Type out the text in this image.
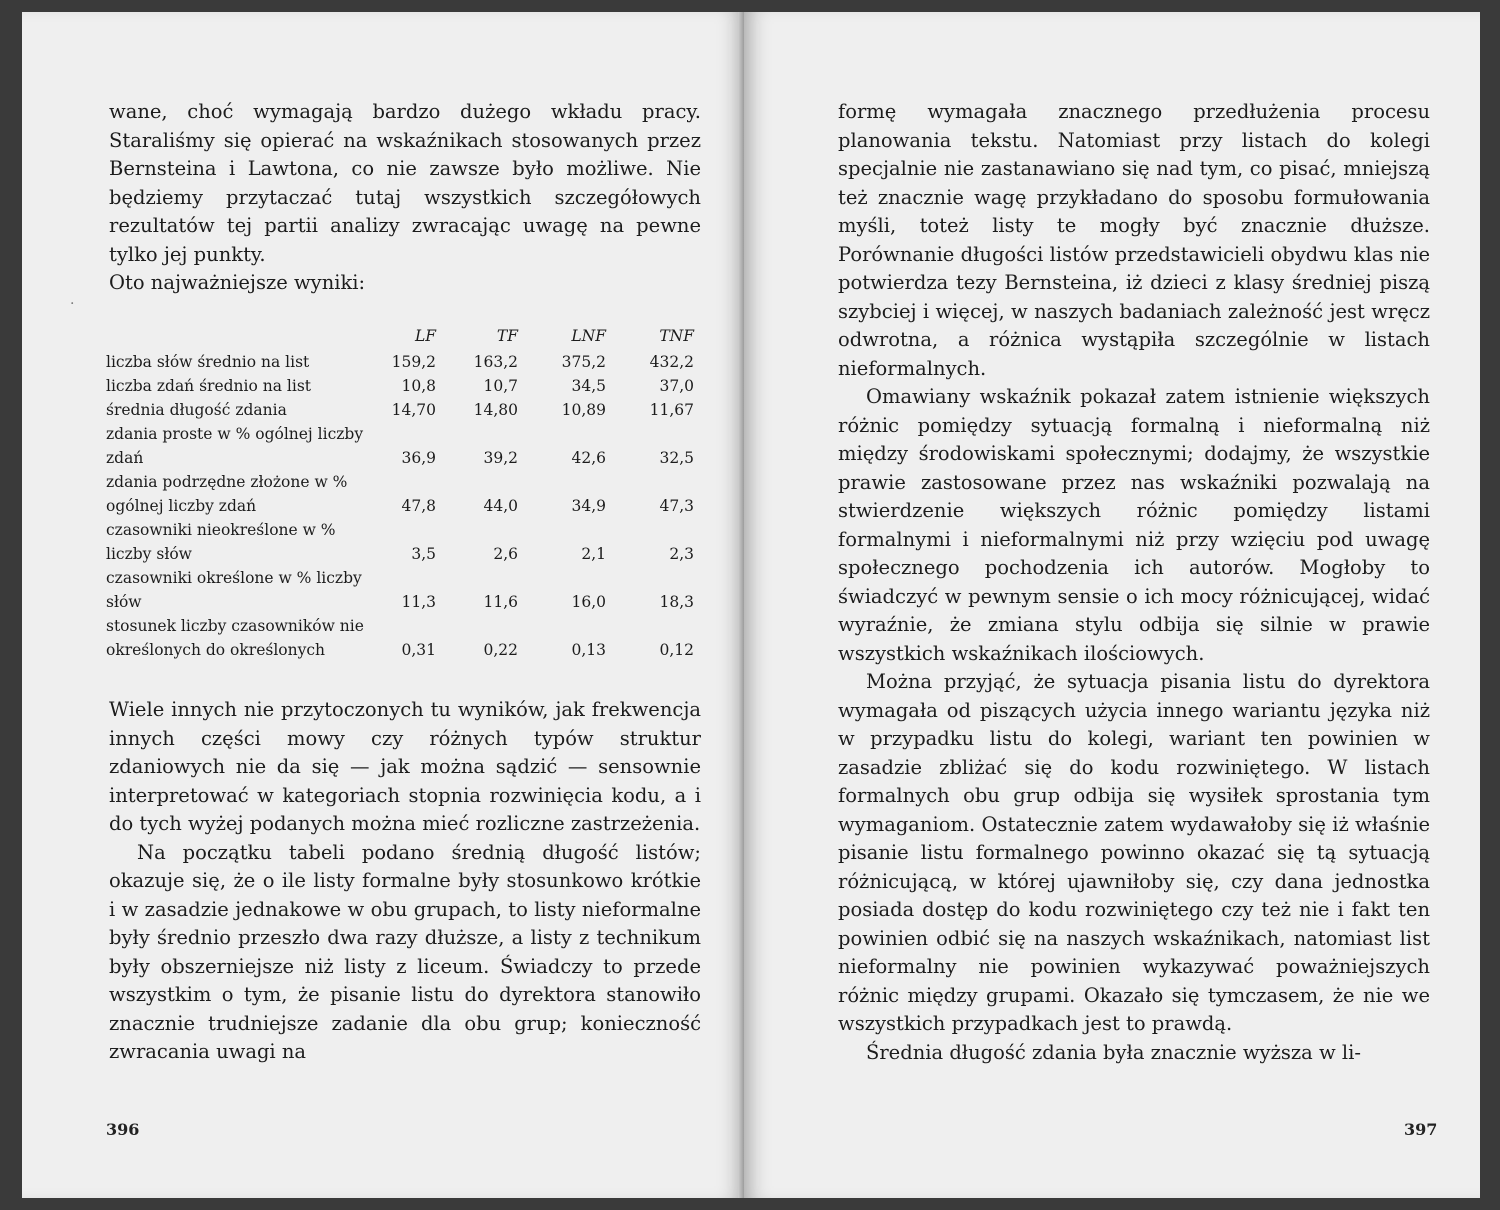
wane, choć wymagają bardzo dużego wkładu pracy. Staraliśmy się opierać na wskaźnikach stosowanych przez Bernsteina i Lawtona, co nie zawsze było możliwe. Nie będziemy przytaczać tutaj wszystkich szczegółowych rezultatów tej partii analizy zwracając uwagę na pewne tylko jej punkty.

Oto najważniejsze wyniki:

LF	TF	LNF	TNF
liczba słów średnio na list	159,2	163,2	375,2	432,2
liczba zdań średnio na list	10,8	10,7	34,5	37,0
średnia długość zdania	14,70	14,80	10,89	11,67
zdania proste w % ogólnej liczby zdań	36,9	39,2	42,6	32,5
zdania podrzędne złożone w % ogólnej liczby zdań	47,8	44,0	34,9	47,3
czasowniki nieokreślone w % liczby słów	3,5	2,6	2,1	2,3
czasowniki określone w % liczby słów	11,3	11,6	16,0	18,3
stosunek liczby czasowników nie określonych do określonych	0,31	0,22	0,13	0,12

Wiele innych nie przytoczonych tu wyników, jak frekwencja innych części mowy czy różnych typów struktur zdaniowych nie da się — jak można sądzić — sensownie interpretować w kategoriach stopnia rozwinięcia kodu, a i do tych wyżej podanych można mieć rozliczne zastrzeżenia.

Na początku tabeli podano średnią długość listów; okazuje się, że o ile listy formalne były stosunkowo krótkie i w zasadzie jednakowe w obu grupach, to listy nieformalne były średnio przeszło dwa razy dłuższe, a listy z technikum były obszerniejsze niż listy z liceum. Świadczy to przede wszystkim o tym, że pisanie listu do dyrektora stanowiło znacznie trudniejsze zadanie dla obu grup; konieczność zwracania uwagi na

396
·

formę wymagała znacznego przedłużenia procesu planowania tekstu. Natomiast przy listach do kolegi specjalnie nie zastanawiano się nad tym, co pisać, mniejszą też znacznie wagę przykładano do sposobu formułowania myśli, toteż listy te mogły być znacznie dłuższe. Porównanie długości listów przedstawicieli obydwu klas nie potwierdza tezy Bernsteina, iż dzieci z klasy średniej piszą szybciej i więcej, w naszych badaniach zależność jest wręcz odwrotna, a różnica wystąpiła szczególnie w listach nieformalnych.

Omawiany wskaźnik pokazał zatem istnienie większych różnic pomiędzy sytuacją formalną i nieformalną niż między środowiskami społecznymi; dodajmy, że wszystkie prawie zastosowane przez nas wskaźniki pozwalają na stwierdzenie większych różnic pomiędzy listami formalnymi i nieformalnymi niż przy wzięciu pod uwagę społecznego pochodzenia ich autorów. Mogłoby to świadczyć w pewnym sensie o ich mocy różnicującej, widać wyraźnie, że zmiana stylu odbija się silnie w prawie wszystkich wskaźnikach ilościowych.

Można przyjąć, że sytuacja pisania listu do dyrektora wymagała od piszących użycia innego wariantu języka niż w przypadku listu do kolegi, wariant ten powinien w zasadzie zbliżać się do kodu rozwiniętego. W listach formalnych obu grup odbija się wysiłek sprostania tym wymaganiom. Ostatecznie zatem wydawałoby się iż właśnie pisanie listu formalnego powinno okazać się tą sytuacją różnicującą, w której ujawniłoby się, czy dana jednostka posiada dostęp do kodu rozwiniętego czy też nie i fakt ten powinien odbić się na naszych wskaźnikach, natomiast list nieformalny nie powinien wykazywać poważniejszych różnic między grupami. Okazało się tymczasem, że nie we wszystkich przypadkach jest to prawdą.

Średnia długość zdania była znacznie wyższa w li-

397
